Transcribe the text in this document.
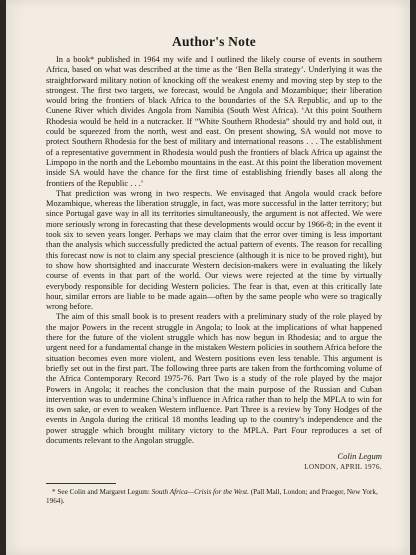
Author's Note

In a book* published in 1964 my wife and I outlined the likely course of events in southern Africa, based on what was described at the time as the ‘Ben Bella strategy’. Underlying it was the straightforward military notion of knocking off the weakest enemy and moving step by step to the strongest. The first two targets, we forecast, would be Angola and Mozambique; their liberation would bring the frontiers of black Africa to the boundaries of the SA Republic, and up to the Cunene River which divides Angola from Namibia (South West Africa). ‘At this point Southern Rhodesia would be held in a nutcracker. If “White Southern Rhodesia” should try and hold out, it could be squeezed from the north, west and east. On present showing, SA would not move to protect Southern Rhodesia for the best of military and international reasons . . . The establishment of a representative government in Rhodesia would push the frontiers of black Africa up against the Limpopo in the north and the Lebombo mountains in the east. At this point the liberation movement inside SA would have the chance for the first time of establishing friendly bases all along the frontiers of the Republic . . .’

That prediction was wrong in two respects. We envisaged that Angola would crack before Mozambique, whereas the liberation struggle, in fact, was more successful in the latter territory; but since Portugal gave way in all its territories simultaneously, the argument is not affected. We were more seriously wrong in forecasting that these developments would occur by 1966-8; in the event it took six to seven years longer. Perhaps we may claim that the error over timing is less important than the analysis which successfully predicted the actual pattern of events. The reason for recalling this forecast now is not to claim any special prescience (although it is nice to be proved right), but to show how shortsighted and inaccurate Western decision-makers were in evaluating the likely course of events in that part of the world. Our views were rejected at the time by virtually everybody responsible for deciding Western policies. The fear is that, even at this critically late hour, similar errors are liable to be made again—often by the same people who were so tragically wrong before.

The aim of this small book is to present readers with a preliminary study of the role played by the major Powers in the recent struggle in Angola; to look at the implications of what happened there for the future of the violent struggle which has now begun in Rhodesia; and to argue the urgent need for a fundamental change in the mistaken Western policies in southern Africa before the situation becomes even more violent, and Western positions even less tenable. This argument is briefly set out in the first part. The following three parts are taken from the forthcoming volume of the Africa Contemporary Record 1975-76. Part Two is a study of the role played by the major Powers in Angola; it reaches the conclusion that the main purpose of the Russian and Cuban intervention was to undermine China’s influence in Africa rather than to help the MPLA to win for its own sake, or even to weaken Western influence. Part Three is a review by Tony Hodges of the events in Angola during the critical 18 months leading up to the country’s independence and the power struggle which brought military victory to the MPLA. Part Four reproduces a set of documents relevant to the Angolan struggle.

Colin Legum
LONDON, APRIL 1976.

* See Colin and Margaret Legum: South Africa—Crisis for the West. (Pall Mall, London; and Praeger, New York, 1964).
